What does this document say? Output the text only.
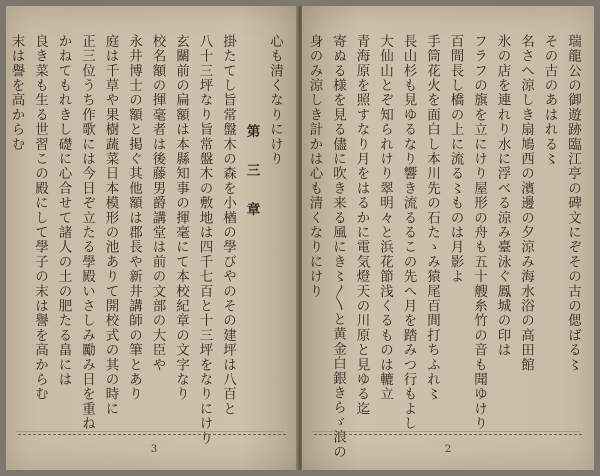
心も清くなりにけり
第　三　章
掛たてし旨常盤木の森を小楢の學びやのその建坪は八百と
八十三坪なり旨常盤木の敷地は四千七百と十三坪をなりにけり
玄關前の扁額は本縣知事の揮毫にて本校紀章の文字なり
校名額の揮毫者は後藤男爵講堂は前の文部の大臣や
永井博士の額と掲ぐ其他額は郡長や新井講師の筆とあり
庭は千草や果樹蔬菜日本模形の池ありて開校式の其の時に
正三位うち作歌には今日ぞ立たる學殿いさしみ勵み日を重ね
かねてもれきし礎に心合せて諸人の土の肥たる畠には
良き菜も生る世習この殿にして學子の末は譽を高からむ
末は譽を高からむ
3
瑞龍公の御遊跡臨江亭の碑文にぞその古の偲ばる〻
その古のあはれる〻
名さへ涼しき扇鳩西の濱邊の夕涼み海水浴の高田館
氷の店を連れり水に浮べる涼み臺泳ぐ鳳城の印は
フラフの旗を立にけり屋形の舟も五十艘糸竹の音も聞ゆけり
百間長し橋の上に流る〻ものは月影よ
手筒花火を面白し本川先の石たゝみ猿尾百間打ちふれ〻
長山杉も見ゆるなり響き流るるこの先へ月を踏みつ行もよし
大仙山とぞ知られけり翠明々と浜花節浅くるものは轆立
青海原を照すなり月をはるかに電気燈天の川原と見ゆる迄
寄ぬる様を見る儘に吹き来る風にき〻〳〵と黄金白銀きらゞ浪の
身のみ涼しき計かは心も清くなりにけり
2
